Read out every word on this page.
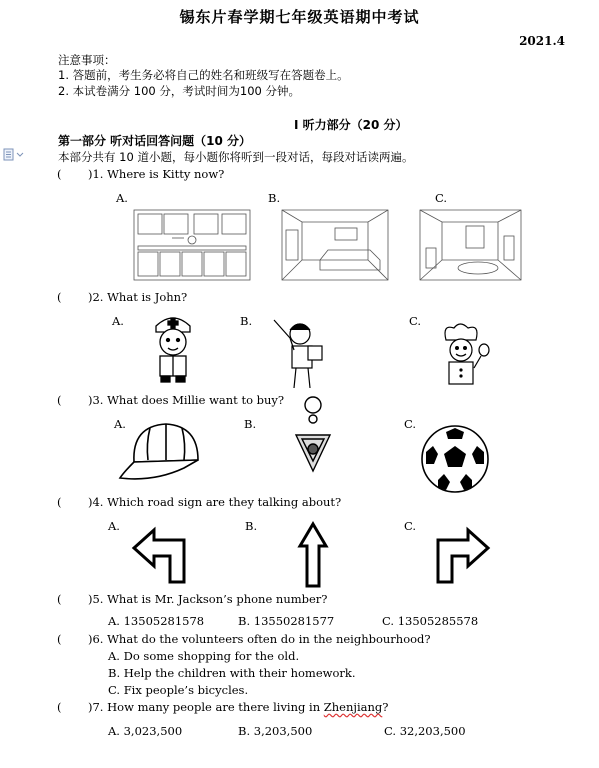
锡东片春学期七年级英语期中考试
2021.4
注意事项：
1. 答题前，考生务必将自己的姓名和班级写在答题卷上。
2. 本试卷满分 100 分，考试时间为100 分钟。
I 听力部分（20 分）
第一部分 听对话回答问题（10 分）
本部分共有 10 道小题，每小题你将听到一段对话，每段对话读两遍。
( )1. Where is Kitty now?
A.	B.	C.
( )2. What is John?
A.	B.	C.
( )3. What does Millie want to buy?
A.	B.	C.
( )4. Which road sign are they talking about?
A.	B.	C.
( )5. What is Mr. Jackson’s phone number?
A. 13505281578	B. 13550281577	C. 13505285578
( )6. What do the volunteers often do in the neighbourhood?
A. Do some shopping for the old.
B. Help the children with their homework.
C. Fix people’s bicycles.
( )7. How many people are there living in Zhenjiang?
A. 3,023,500	B. 3,203,500	C. 32,203,500
